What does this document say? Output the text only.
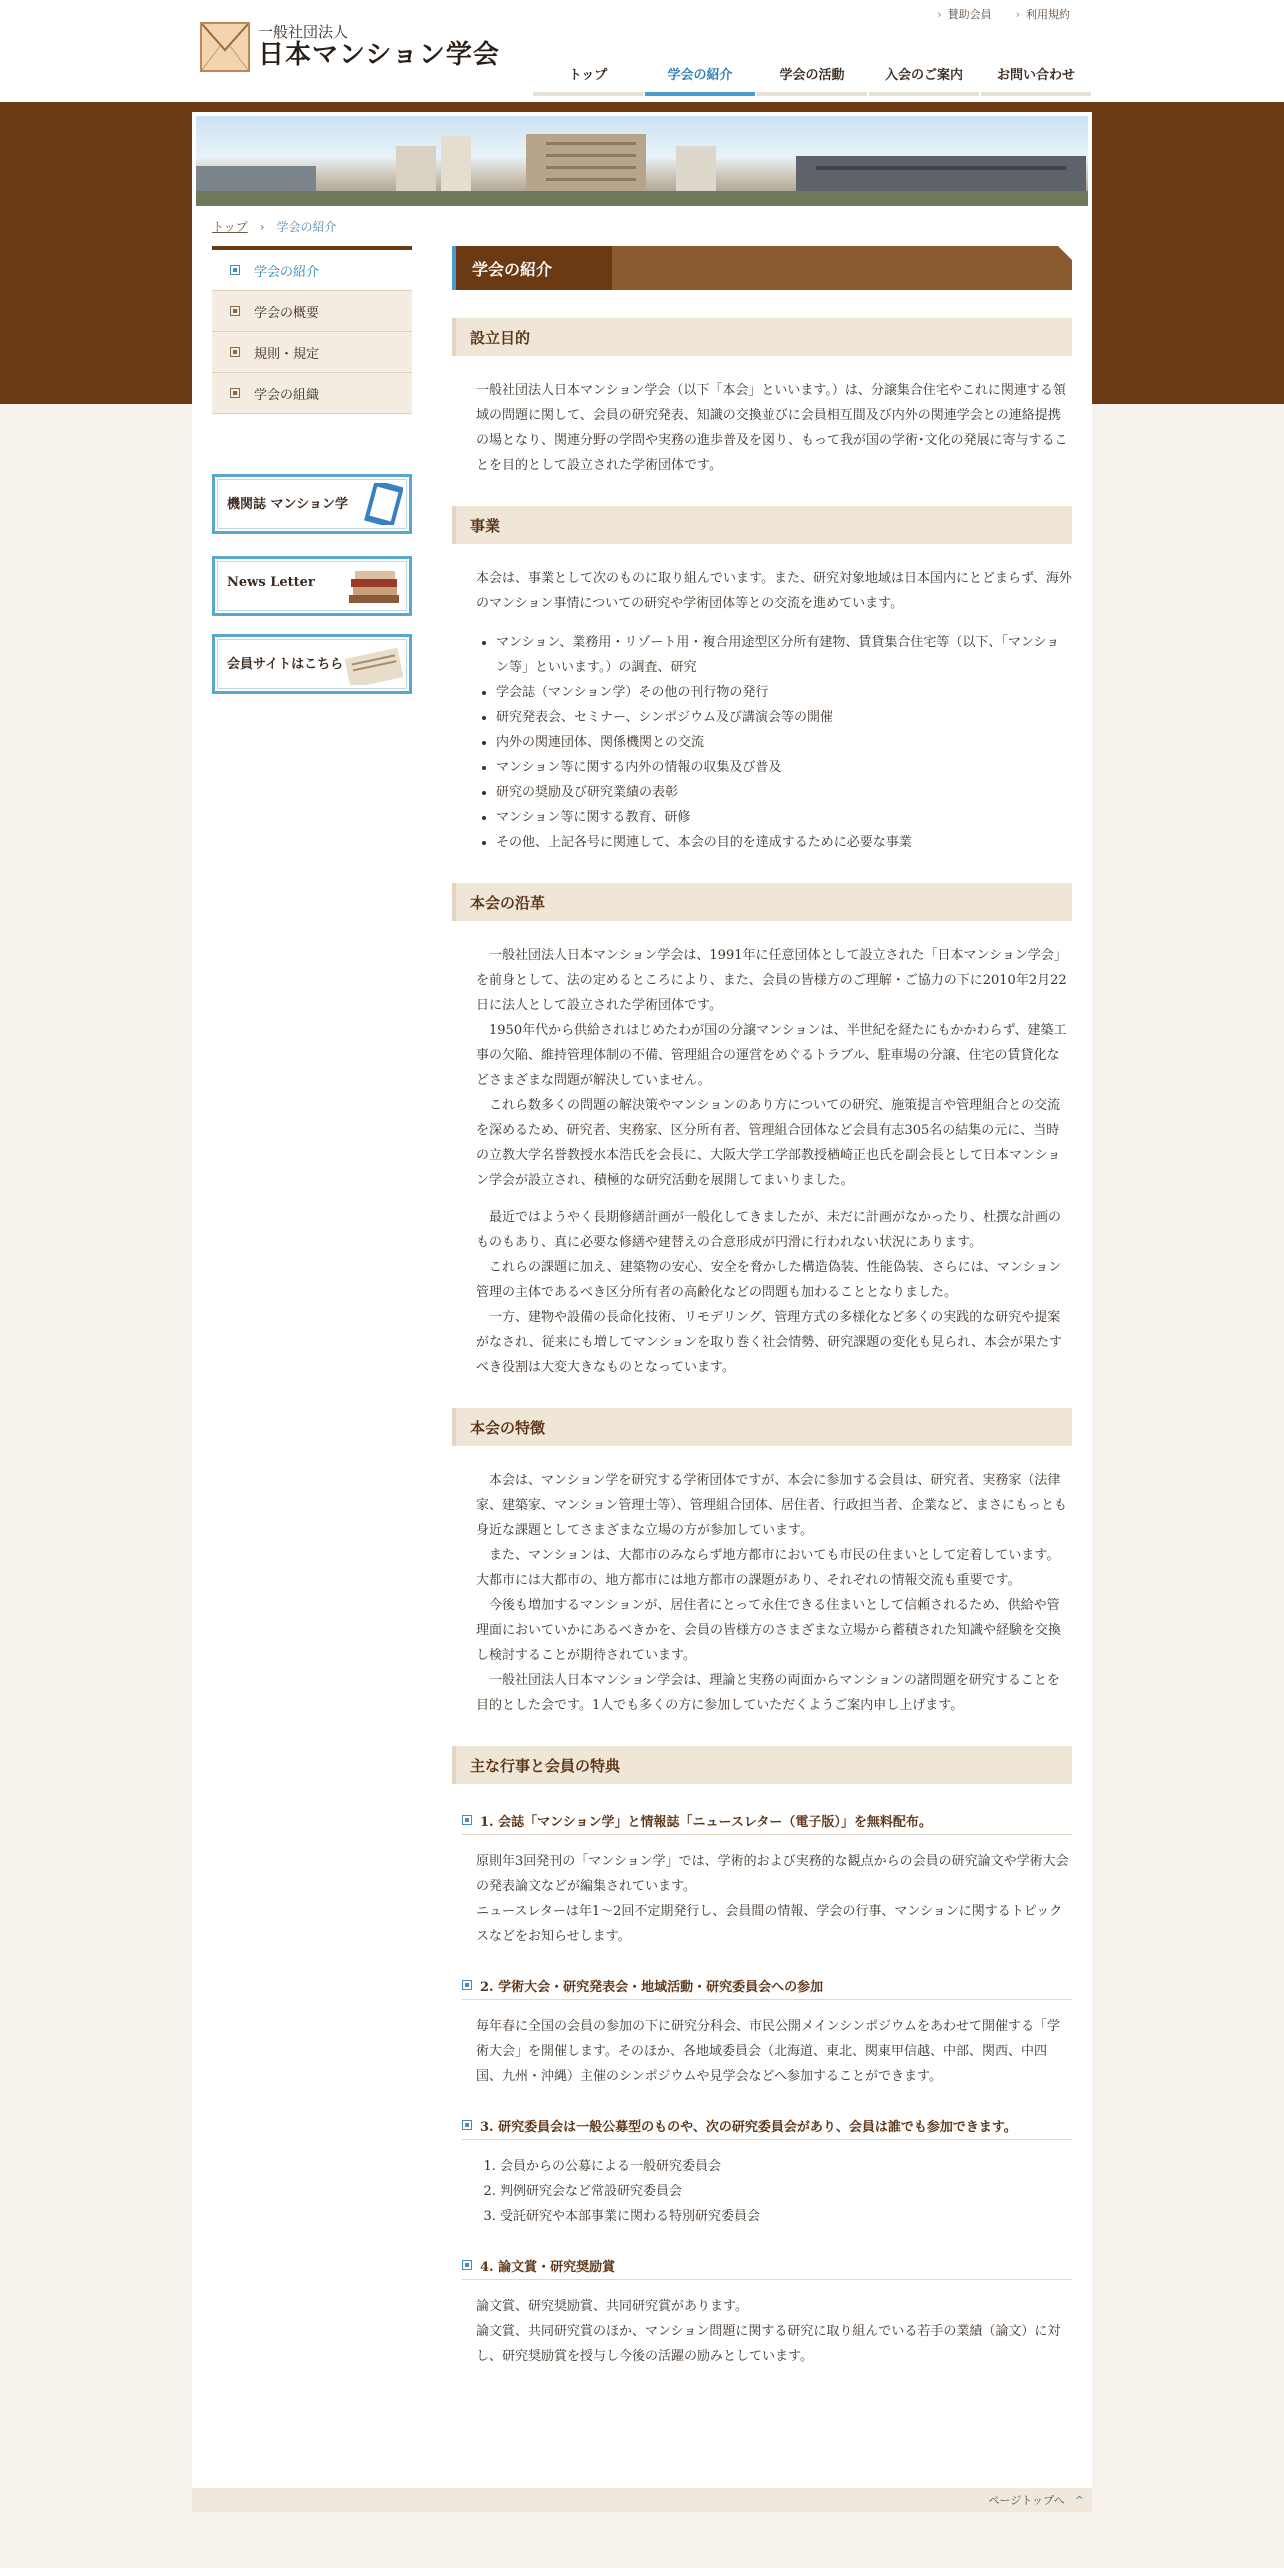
一般社団法人
日本マンション学会
› 賛助会員 › 利用規約
トップ	学会の紹介	学会の活動	入会のご案内	お問い合わせ
トップ › 学会の紹介
学会の紹介
学会の概要
規則・規定
学会の組織
機関誌 マンション学
News Letter
会員サイトはこちら
学会の紹介
設立目的

一般社団法人日本マンション学会（以下「本会」といいます。）は、分譲集合住宅やこれに関連する領域の問題に関して、会員の研究発表、知識の交換並びに会員相互間及び内外の関連学会との連絡提携の場となり、関連分野の学問や実務の進歩普及を図り、もって我が国の学術･文化の発展に寄与することを目的として設立された学術団体です。

事業

本会は、事業として次のものに取り組んでいます。また、研究対象地域は日本国内にとどまらず、海外のマンション事情についての研究や学術団体等との交流を進めています。

• マンション、業務用・リゾート用・複合用途型区分所有建物、賃貸集合住宅等（以下、「マンション等」といいます。）の調査、研究
• 学会誌（マンション学）その他の刊行物の発行
• 研究発表会、セミナー、シンポジウム及び講演会等の開催
• 内外の関連団体、関係機関との交流
• マンション等に関する内外の情報の収集及び普及
• 研究の奨励及び研究業績の表彰
• マンション等に関する教育、研修
• その他、上記各号に関連して、本会の目的を達成するために必要な事業
本会の沿革

一般社団法人日本マンション学会は、1991年に任意団体として設立された「日本マンション学会」を前身として、法の定めるところにより、また、会員の皆様方のご理解・ご協力の下に2010年2月22日に法人として設立された学術団体です。

1950年代から供給されはじめたわが国の分譲マンションは、半世紀を経たにもかかわらず、建築工事の欠陥、維持管理体制の不備、管理組合の運営をめぐるトラブル、駐車場の分譲、住宅の賃貸化などさまざまな問題が解決していません。

これら数多くの問題の解決策やマンションのあり方についての研究、施策提言や管理組合との交流を深めるため、研究者、実務家、区分所有者、管理組合団体など会員有志305名の結集の元に、当時の立教大学名誉教授水本浩氏を会長に、大阪大学工学部教授楢崎正也氏を副会長として日本マンション学会が設立され、積極的な研究活動を展開してまいりました。

最近ではようやく長期修繕計画が一般化してきましたが、未だに計画がなかったり、杜撰な計画のものもあり、真に必要な修繕や建替えの合意形成が円滑に行われない状況にあります。

これらの課題に加え、建築物の安心、安全を脅かした構造偽装、性能偽装、さらには、マンション管理の主体であるべき区分所有者の高齢化などの問題も加わることとなりました。

一方、建物や設備の長命化技術、リモデリング、管理方式の多様化など多くの実践的な研究や提案がなされ、従来にも増してマンションを取り巻く社会情勢、研究課題の変化も見られ、本会が果たすべき役割は大変大きなものとなっています。

本会の特徴

本会は、マンション学を研究する学術団体ですが、本会に参加する会員は、研究者、実務家（法律家、建築家、マンション管理士等）、管理組合団体、居住者、行政担当者、企業など、まさにもっとも身近な課題としてさまざまな立場の方が参加しています。

また、マンションは、大都市のみならず地方都市においても市民の住まいとして定着しています。大都市には大都市の、地方都市には地方都市の課題があり、それぞれの情報交流も重要です。

今後も増加するマンションが、居住者にとって永住できる住まいとして信頼されるため、供給や管理面においていかにあるべきかを、会員の皆様方のさまざまな立場から蓄積された知識や経験を交換し検討することが期待されています。

一般社団法人日本マンション学会は、理論と実務の両面からマンションの諸問題を研究することを目的とした会です。1人でも多くの方に参加していただくようご案内申し上げます。

主な行事と会員の特典
1. 会誌「マンション学」と情報誌「ニュースレター（電子版）」を無料配布。

原則年3回発刊の「マンション学」では、学術的および実務的な観点からの会員の研究論文や学術大会の発表論文などが編集されています。

ニュースレターは年1～2回不定期発行し、会員間の情報、学会の行事、マンションに関するトピックスなどをお知らせします。

2. 学術大会・研究発表会・地域活動・研究委員会への参加

毎年春に全国の会員の参加の下に研究分科会、市民公開メインシンポジウムをあわせて開催する「学術大会」を開催します。そのほか、各地域委員会（北海道、東北、関東甲信越、中部、関西、中四国、九州・沖縄）主催のシンポジウムや見学会などへ参加することができます。

3. 研究委員会は一般公募型のものや、次の研究委員会があり、会員は誰でも参加できます。
1. 会員からの公募による一般研究委員会
2. 判例研究会など常設研究委員会
3. 受託研究や本部事業に関わる特別研究委員会
4. 論文賞・研究奨励賞

論文賞、研究奨励賞、共同研究賞があります。

論文賞、共同研究賞のほか、マンション問題に関する研究に取り組んでいる若手の業績（論文）に対し、研究奨励賞を授与し今後の活躍の励みとしています。

ページトップへ ^
